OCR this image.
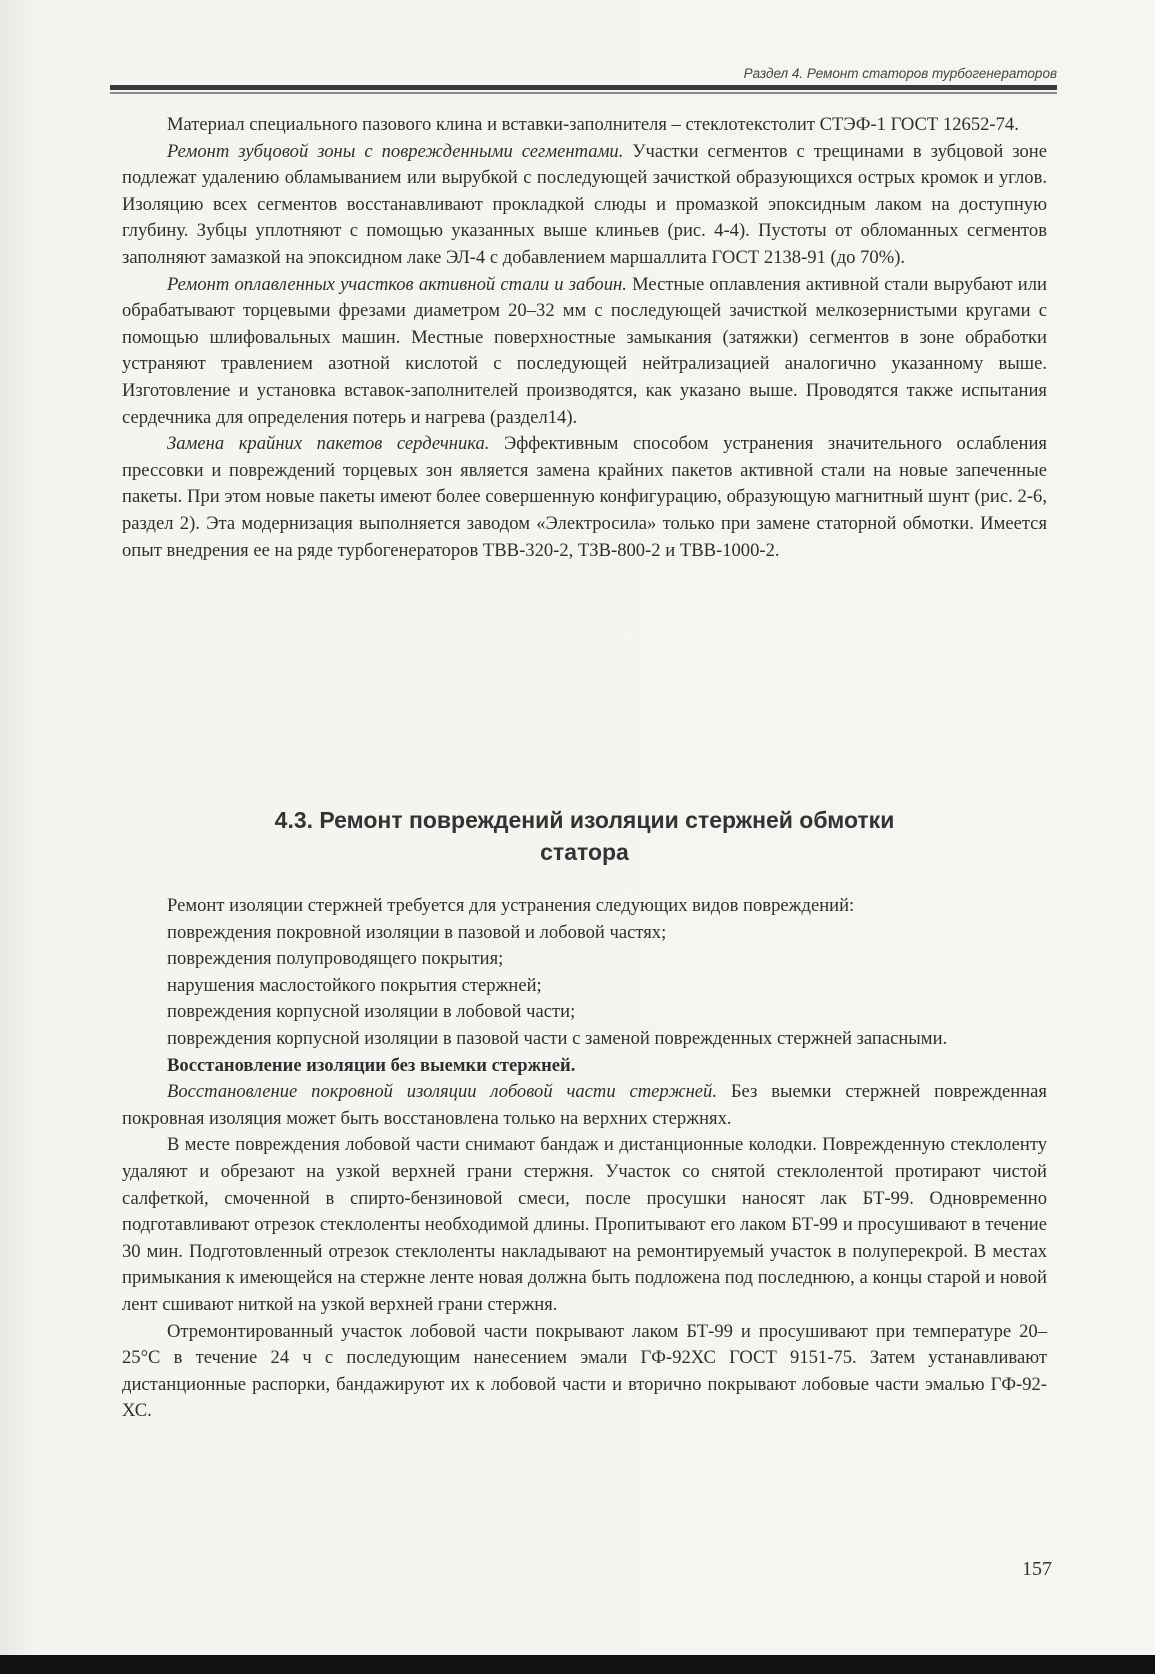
Раздел 4. Ремонт статоров турбогенераторов

Материал специального пазового клина и вставки-заполнителя – стеклотекстолит СТЭФ-1 ГОСТ 12652-74.

Ремонт зубцовой зоны с поврежденными сегментами. Участки сегментов с трещинами в зубцовой зоне подлежат удалению обламыванием или вырубкой с последующей зачисткой образующихся острых кромок и углов. Изоляцию всех сегментов восстанавливают прокладкой слюды и промазкой эпоксидным лаком на доступную глубину. Зубцы уплотняют с помощью указанных выше клиньев (рис. 4-4). Пустоты от обломанных сегментов заполняют замазкой на эпоксидном лаке ЭЛ-4 с добавлением маршаллита ГОСТ 2138-91 (до 70%).

Ремонт оплавленных участков активной стали и забоин. Местные оплавления активной стали вырубают или обрабатывают торцевыми фрезами диаметром 20–32 мм с последующей зачисткой мелкозернистыми кругами с помощью шлифовальных машин. Местные поверхностные замыкания (затяжки) сегментов в зоне обработки устраняют травлением азотной кислотой с последующей нейтрализацией аналогично указанному выше. Изготовление и установка вставок-заполнителей производятся, как указано выше. Проводятся также испытания сердечника для определения потерь и нагрева (раздел14).

Замена крайних пакетов сердечника. Эффективным способом устранения значительного ослабления прессовки и повреждений торцевых зон является замена крайних пакетов активной стали на новые запеченные пакеты. При этом новые пакеты имеют более совершенную конфигурацию, образующую магнитный шунт (рис. 2-6, раздел 2). Эта модернизация выполняется заводом «Электросила» только при замене статорной обмотки. Имеется опыт внедрения ее на ряде турбогенераторов ТВВ-320-2, ТЗВ-800-2 и ТВВ-1000-2.

4.3. Ремонт повреждений изоляции стержней обмотки
статора

Ремонт изоляции стержней требуется для устранения следующих видов повреждений:

повреждения покровной изоляции в пазовой и лобовой частях;

повреждения полупроводящего покрытия;

нарушения маслостойкого покрытия стержней;

повреждения корпусной изоляции в лобовой части;

повреждения корпусной изоляции в пазовой части с заменой поврежденных стержней запасными.

Восстановление изоляции без выемки стержней.

Восстановление покровной изоляции лобовой части стержней. Без выемки стержней поврежденная покровная изоляция может быть восстановлена только на верхних стержнях.

В месте повреждения лобовой части снимают бандаж и дистанционные колодки. Поврежденную стеклоленту удаляют и обрезают на узкой верхней грани стержня. Участок со снятой стеклолентой протирают чистой салфеткой, смоченной в спирто-бензиновой смеси, после просушки наносят лак БТ-99. Одновременно подготавливают отрезок стеклоленты необходимой длины. Пропитывают его лаком БТ-99 и просушивают в течение 30 мин. Подготовленный отрезок стеклоленты накладывают на ремонтируемый участок в полуперекрой. В местах примыкания к имеющейся на стержне ленте новая должна быть подложена под последнюю, а концы старой и новой лент сшивают ниткой на узкой верхней грани стержня.

Отремонтированный участок лобовой части покрывают лаком БТ-99 и просушивают при температуре 20–25°С в течение 24 ч с последующим нанесением эмали ГФ-92ХС ГОСТ 9151-75. Затем устанавливают дистанционные распорки, бандажируют их к лобовой части и вторично покрывают лобовые части эмалью ГФ-92-ХС.

157
